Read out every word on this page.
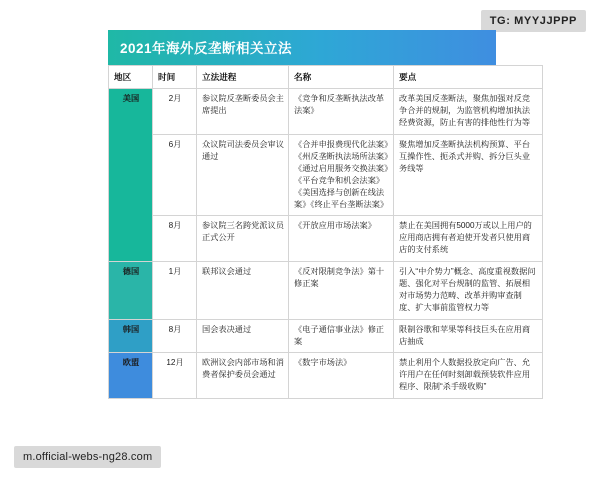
TG: MYYJJPPP
2021年海外反垄断相关立法
地区	时间	立法进程	名称	要点
美国	2月	参议院反垄断委员会主席提出	《竞争和反垄断执法改革法案》	改革美国反垄断法，聚焦加强对反竞争合并的规制，为监管机构增加执法经费资源，防止有害的排他性行为等
	6月	众议院司法委员会审议通过	《合并申报费现代化法案》《州反垄断执法场所法案》《通过启用服务交换法案》《平台竞争和机会法案》《美国选择与创新在线法案》《终止平台垄断法案》	聚焦增加反垄断执法机构预算、平台互操作性、扼杀式并购、拆分巨头业务线等
	8月	参议院三名跨党派议员正式公开	《开放应用市场法案》	禁止在美国拥有5000万或以上用户的应用商店拥有者迫使开发者只使用商店的支付系统
德国	1月	联邦议会通过	《反对限制竞争法》第十修正案	引入“中介势力”概念、高度重视数据问题、强化对平台规制的监管、拓展相对市场势力范畴、改革并购审查制度、扩大事前监管权力等
韩国	8月	国会表决通过	《电子通信事业法》修正案	限制谷歌和苹果等科技巨头在应用商店抽成
欧盟	12月	欧洲议会内部市场和消费者保护委员会通过	《数字市场法》	禁止利用个人数据投放定向广告、允许用户在任何时刻卸载预装软件应用程序、限制“杀手级收购”
m.official-webs-ng28.com
